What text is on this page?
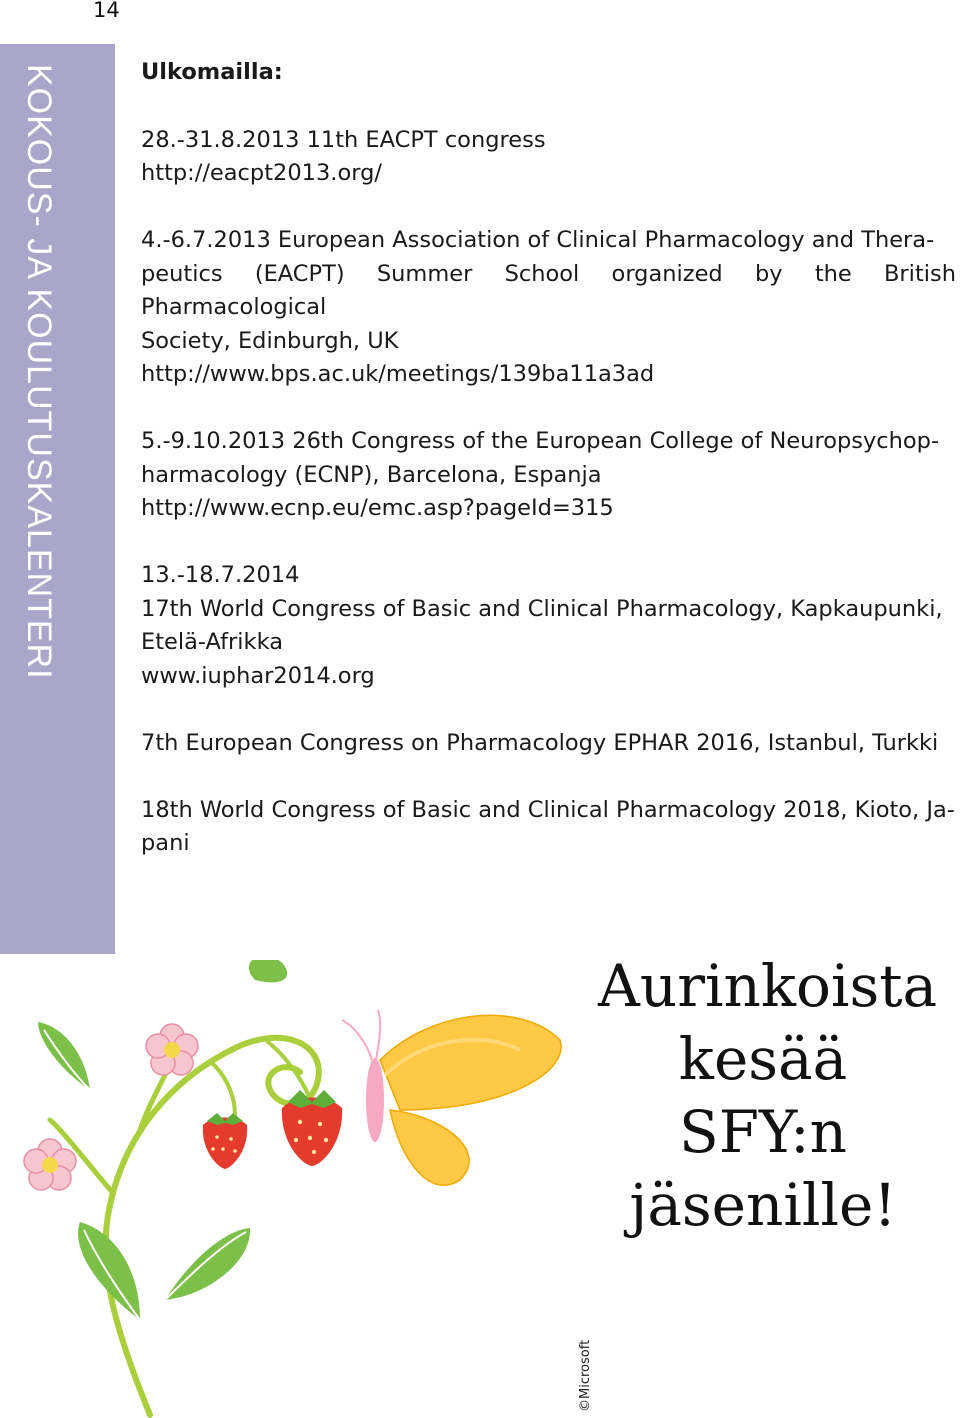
14
KOKOUS- JA KOULUTUSKALENTERI	Ulkomailla:
28.-31.8.2013 11th EACPT congress
http://eacpt2013.org/
4.-6.7.2013 European Association of Clinical Pharmacology and Thera-
peutics (EACPT) Summer School organized by the British Pharmacological
Society, Edinburgh, UK
http://www.bps.ac.uk/meetings/139ba11a3ad
5.-9.10.2013 26th Congress of the European College of Neuropsychop-
harmacology (ECNP), Barcelona, Espanja
http://www.ecnp.eu/emc.asp?pageId=315
13.-18.7.2014
17th World Congress of Basic and Clinical Pharmacology, Kapkaupunki,
Etelä-Afrikka
www.iuphar2014.org
7th European Congress on Pharmacology EPHAR 2016, Istanbul, Turkki
18th World Congress of Basic and Clinical Pharmacology 2018, Kioto, Ja-
pani
Aurinkoista
kesää SFY:n
jäsenille!
©Microsoft
